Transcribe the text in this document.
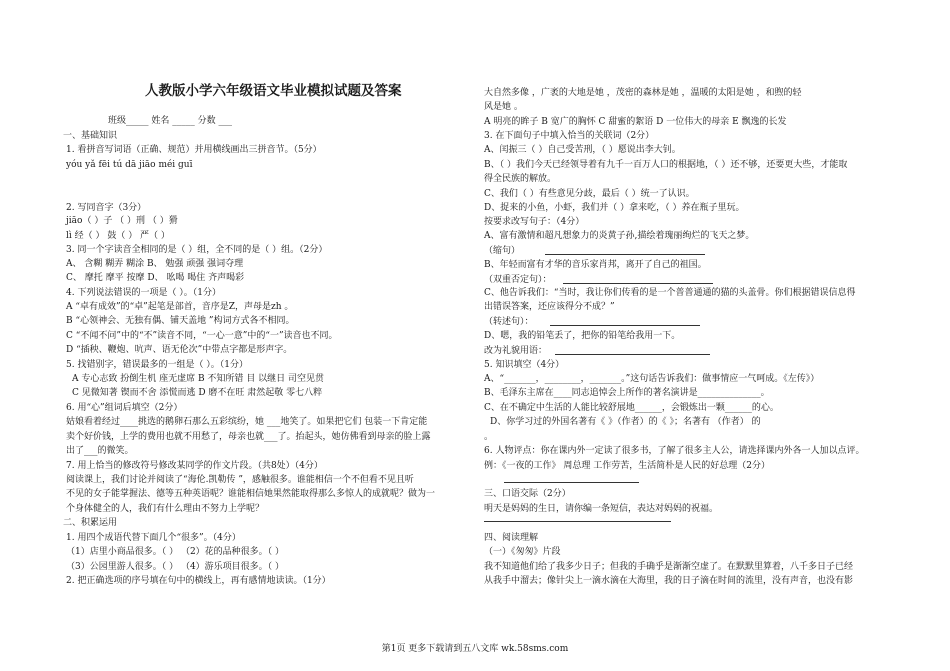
人教版小学六年级语文毕业模拟试题及答案
班级_____ 姓名 _____ 分数 ___
一、基础知识
1. 看拼音写词语（正确、规范）并用横线画出三拼音节。（5分）
yóu yǎ fēi tú dā jiāo méi guī
2. 写同音字（3分）
jiāo（ ）子 （ ）刑 （ ）猾
lì 经（ ） 鼓（ ） 严（ ）
3. 同一个字读音全相同的是（ ）组，全不同的是（ ）组。（2分）
A、 含糊 糊弄 糊涂 B、 勉强 顽强 强词夺理
C、 摩托 摩平 按摩 D、 吆喝 喝住 齐声喝彩
4. 下列说法错误的一项是（ ）。（1分）
A “卓有成效”的“卓”起笔是部首，音序是Z，声母是zh 。
B “心领神会、无独有偶、铺天盖地 ”构词方式各不相同。
C “不闻不问”中的“不”读音不同，“一心一意”中的“一”读音也不同。
D “插秧、鞭炮、吭声、语无伦次”中带点字都是形声字。
5. 找错别字，错误最多的一组是（ ）。（1分）
A 专心志致 扮倒生机 座无虚席 B 不知所错 目 以继日 司空见贯
C 见微知著 锲而不舍 添慌而逃 D 磨不在旺 肃然起敬 零七八粹
6. 用“心”组词后填空（2分）
姑娘看着经过____挑选的鹅卵石那么五彩缤纷，她 ___地笑了。如果把它们 包装一下肯定能
卖个好价钱，上学的费用也就不用愁了，母亲也就___了。抬起头，她仿佛看到母亲的脸上露
出了___的微笑。
7. 用上恰当的修改符号修改某同学的作文片段。（共8处）（4分）
阅读课上，我们讨论并阅读了“海伦.凯勒传 ”，感触很多。谁能相信一个不但看不见且听
不见的女子能掌握法、德等五种英语呢？谁能相信她果然能取得那么多惊人的成就呢？做为一
个身体健全的人，我们有什么理由不努力上学呢？
二、积累运用
1. 用四个成语代替下面几个“很多”。（4分）
（1）店里小商品很多。（ ） （2）花的品种很多。（ ）
（3）公园里游人很多。（ ） （4）游乐项目很多。（ ）
2. 把正确选项的序号填在句中的横线上，再有感情地读读。（1分）
大自然多像 ，广袤的大地是她 ，茂密的森林是她 ，温暖的太阳是她 ，和煦的轻
风是她 。
A 明亮的眸子 B 宽广的胸怀 C 甜蜜的絮语 D 一位伟大的母亲 E 飘逸的长发
3. 在下面句子中填入恰当的关联词（2分）
A、闰振三（ ）自己受苦刑，（ ）愿说出李大钊。
B、（ ）我们今天已经领导着有九千一百万人口的根据地，（ ）还不够，还要更大些，才能取
得全民族的解放。
C、我们（ ）有些意见分歧，最后（ ）统一了认识。
D、捉来的小鱼，小虾，我们并（ ）拿来吃，（ ）养在瓶子里玩。
按要求改写句子：（4分）
A、富有激情和超凡想象力的炎黄子孙,描绘着瑰丽绚烂的飞天之梦。
（缩句）
B、年轻而富有才华的音乐家肖邦，离开了自己的祖国。
（双重否定句）：
C、他告诉我们：“当时，我让你们传看的是一个普普通通的猫的头盖骨。你们根据错误信息得
出错误答案，还应该得分不成？”
（转述句）：
D、嗯，我的铅笔丢了，把你的铅笔给我用一下。
改为礼貌用语：
5. 知识填空（4分）
A、“_______，________，_______。”这句话告诉我们：做事情应一气呵成。《左传》）
B、毛泽东主席在____同志追悼会上所作的著名演讲是______________。
C、在不确定中生活的人能比较舒展地______，会锻炼出一颗______的心。
D、你学习过的外国名著有《 》（作者）的《 》；名著有 （作者） 的
。
6. 人物评点：你在课内外一定读了很多书，了解了很多主人公，请选择课内外各一人加以点评。
例：《一夜的工作》 周总理 工作劳苦，生活简朴是人民的好总理（2分）
三、口语交际（2分）
明天是妈妈的生日，请你编一条短信，表达对妈妈的祝福。
四、阅读理解
（一）《匆匆》片段
我不知道他们给了我多少日子；但我的手确乎是渐渐空虚了。在默默里算着，八千多日子已经
从我手中溜去；像针尖上一滴水滴在大海里，我的日子滴在时间的流里，没有声音，也没有影
第1页 更多下载请到五八文库 wk.58sms.com
